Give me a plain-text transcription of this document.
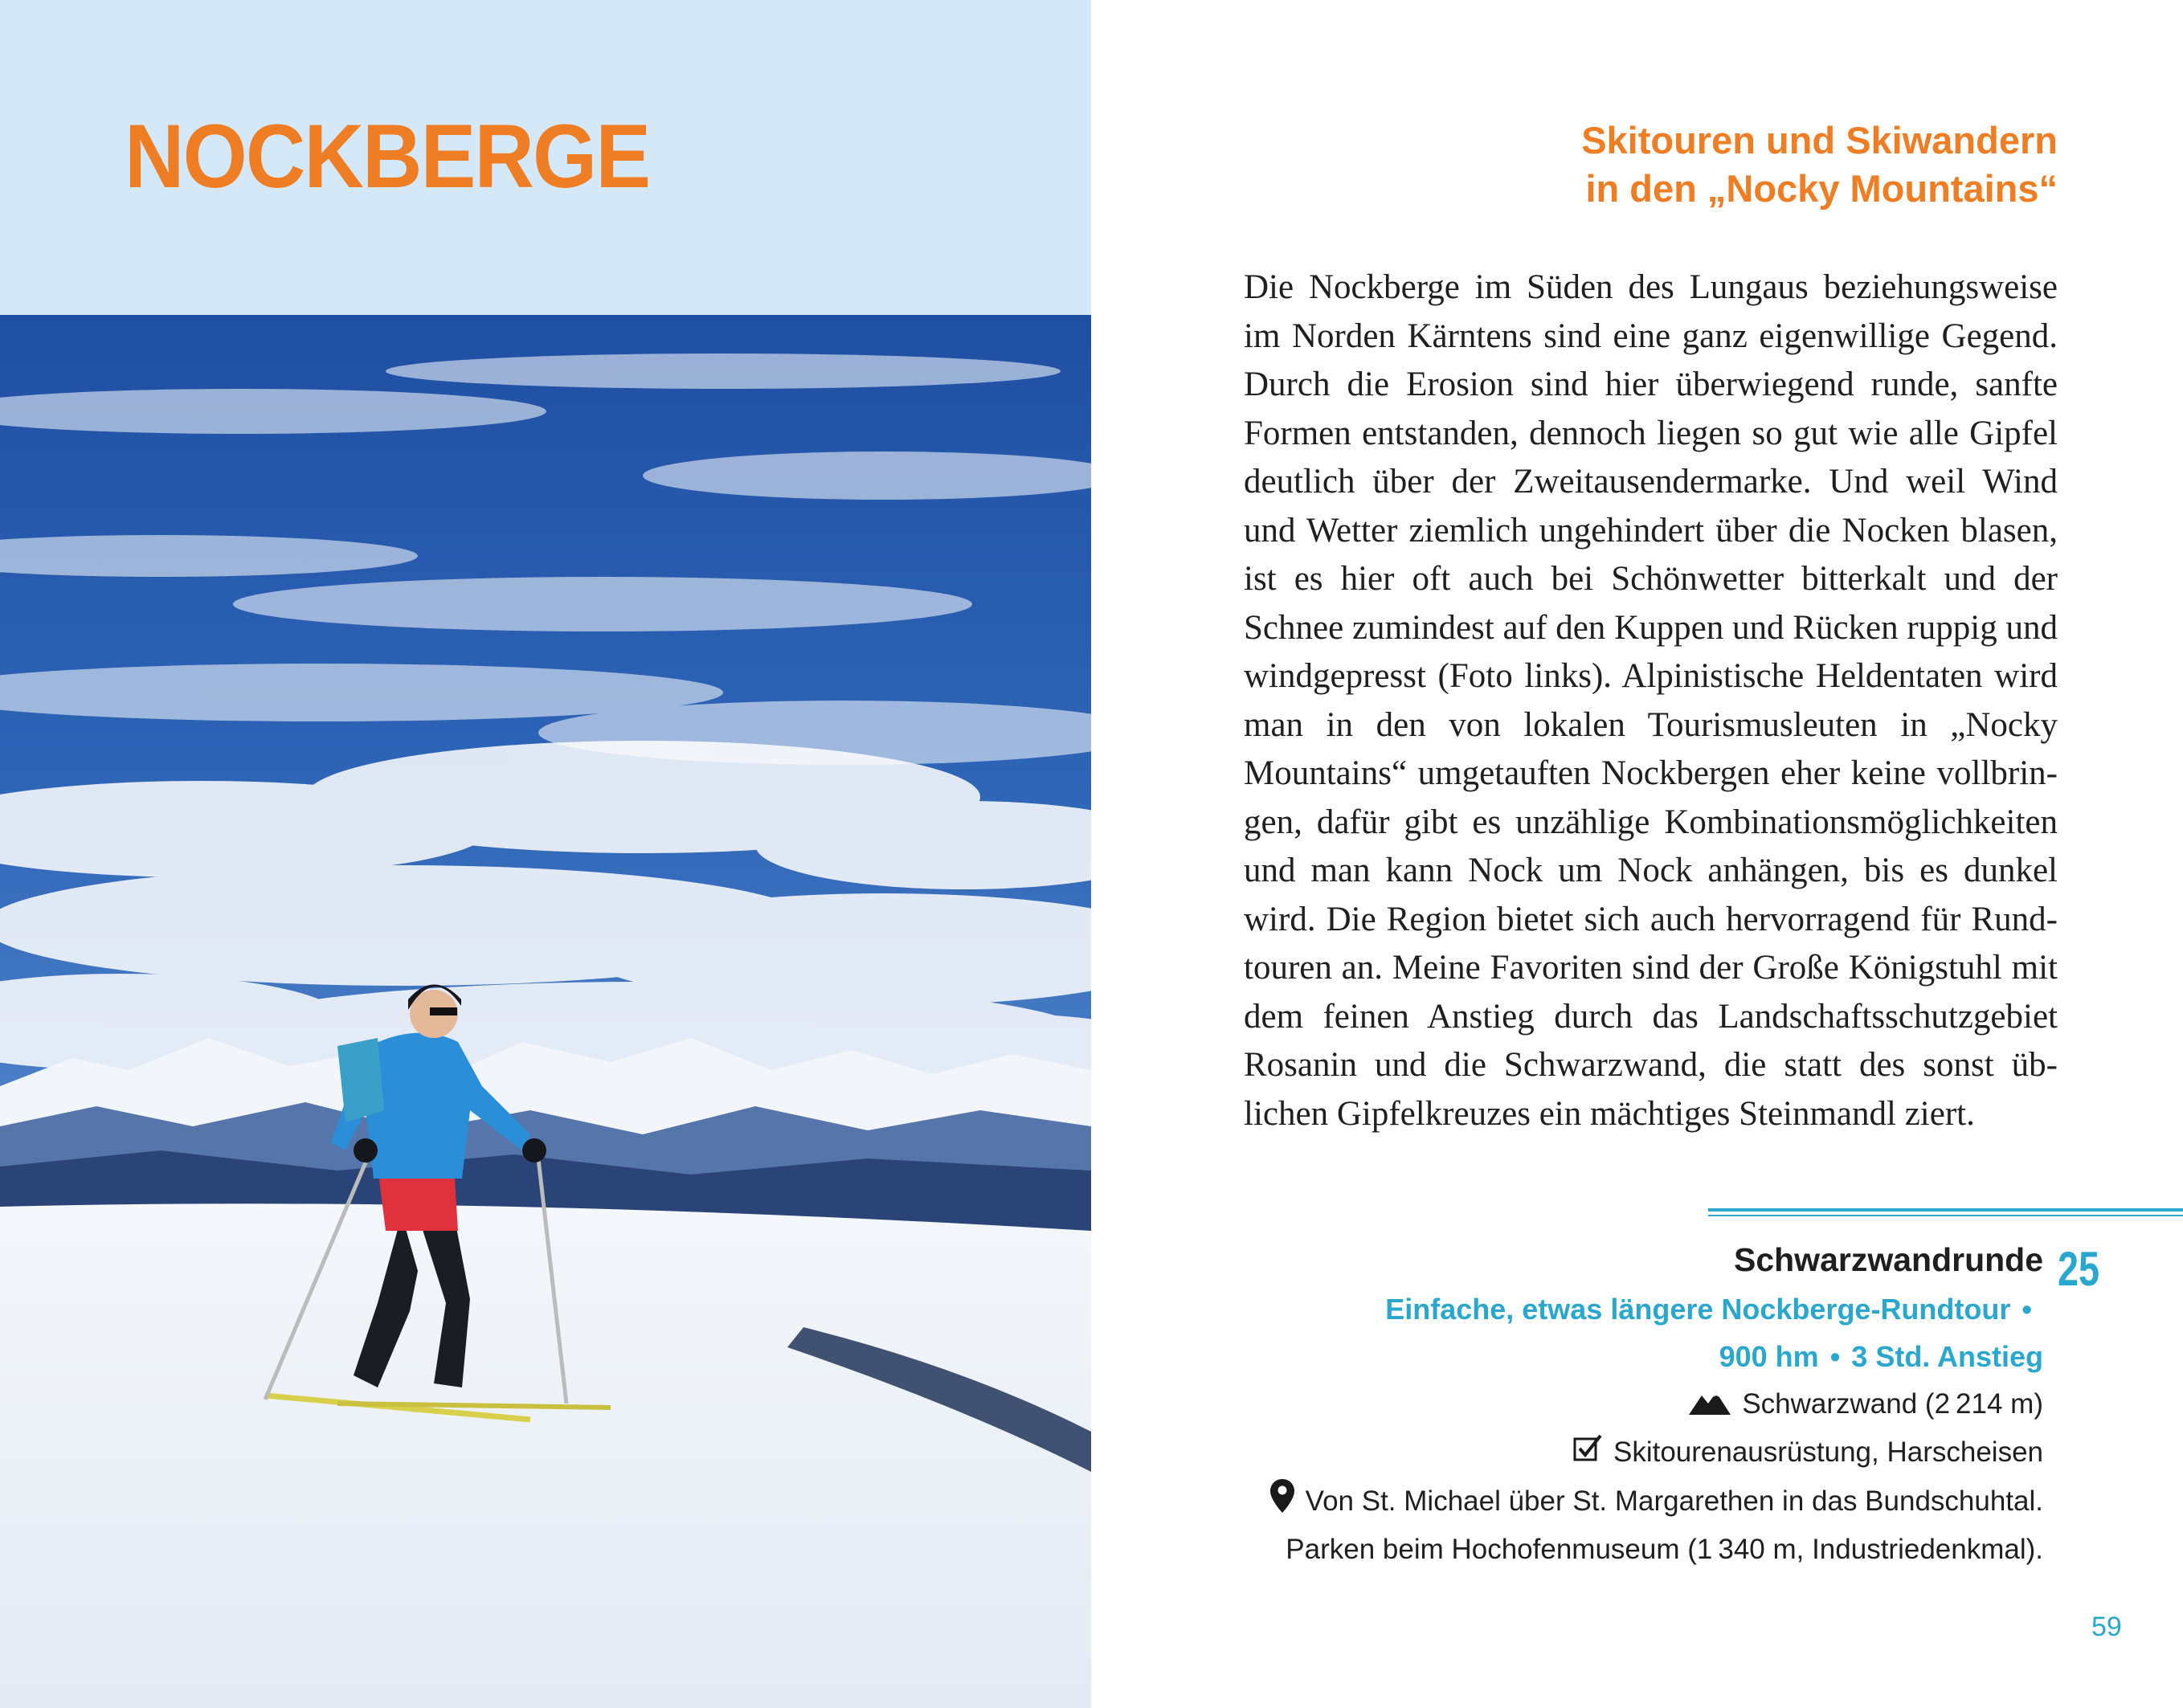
NOCKBERGE	Skitouren und Skiwandern
in den „Nocky Mountains“

Die Nockberge im Süden des Lungaus beziehungsweise im Norden Kärntens sind eine ganz eigenwillige Gegend. Durch die Erosion sind hier überwiegend runde, sanfte Formen entstanden, dennoch liegen so gut wie alle Gipfel deutlich über der Zweitausendermarke. Und weil Wind und Wetter ziemlich ungehindert über die Nocken blasen, ist es hier oft auch bei Schönwetter bitterkalt und der Schnee zumindest auf den Kuppen und Rücken ruppig und windgepresst (Foto links). Alpinistische Heldentaten wird man in den von lokalen Tourismusleuten in „Nocky Mountains“ umgetauften Nockbergen eher keine vollbringen, dafür gibt es unzählige Kombinationsmöglichkeiten und man kann Nock um Nock anhängen, bis es dunkel wird. Die Region bietet sich auch hervorragend für Rundtouren an. Meine Favoriten sind der Große Königstuhl mit dem feinen Anstieg durch das Landschaftsschutzgebiet Rosanin und die Schwarzwand, die statt des sonst üblichen Gipfelkreuzes ein mächtiges Steinmandl ziert.

25
Schwarzwandrunde
Einfache, etwas längere Nockberge-Rundtour •
900 hm • 3 Std. Anstieg
Schwarzwand (2 214 m)
Skitourenausrüstung, Harscheisen
Von St. Michael über St. Margarethen in das Bundschuhtal.
Parken beim Hochofenmuseum (1 340 m, Industriedenkmal).
59
